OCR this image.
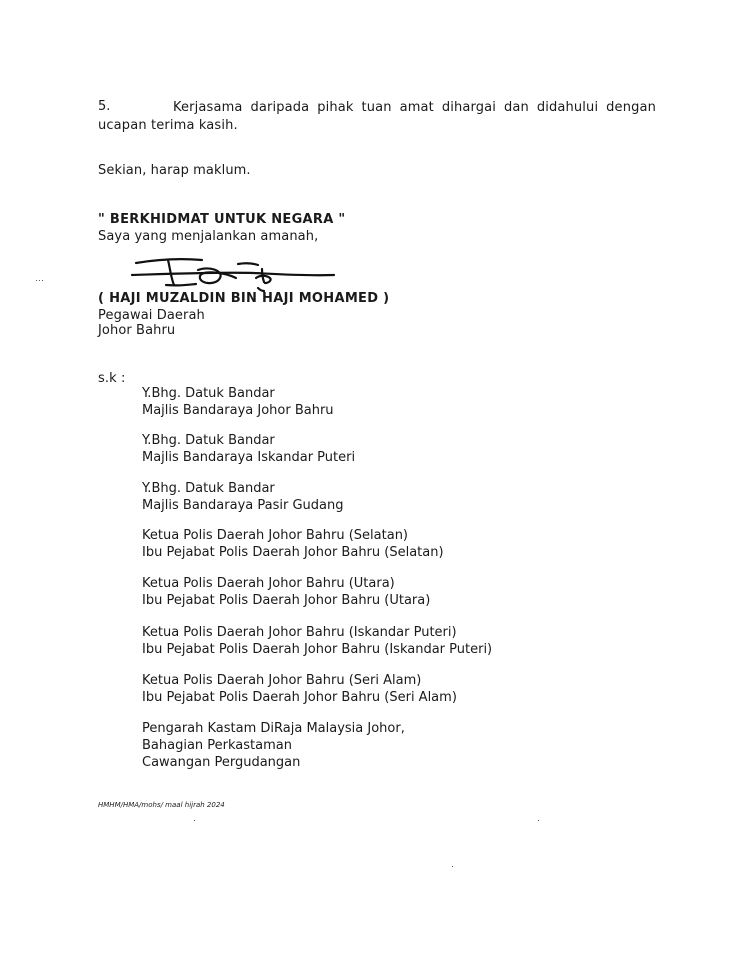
Kerjasama daripada pihak tuan amat dihargai dan didahului dengan ucapan terima kasih.
5.
Sekian, harap maklum.
" BERKHIDMAT UNTUK NEGARA "
Saya yang menjalankan amanah,
( HAJI MUZALDIN BIN HAJI MOHAMED )
Pegawai Daerah
Johor Bahru
s.k :
Y.Bhg. Datuk Bandar
Majlis Bandaraya Johor Bahru
Y.Bhg. Datuk Bandar
Majlis Bandaraya Iskandar Puteri
Y.Bhg. Datuk Bandar
Majlis Bandaraya Pasir Gudang
Ketua Polis Daerah Johor Bahru (Selatan)
Ibu Pejabat Polis Daerah Johor Bahru (Selatan)
Ketua Polis Daerah Johor Bahru (Utara)
Ibu Pejabat Polis Daerah Johor Bahru (Utara)
Ketua Polis Daerah Johor Bahru (Iskandar Puteri)
Ibu Pejabat Polis Daerah Johor Bahru (Iskandar Puteri)
Ketua Polis Daerah Johor Bahru (Seri Alam)
Ibu Pejabat Polis Daerah Johor Bahru (Seri Alam)
Pengarah Kastam DiRaja Malaysia Johor,
Bahagian Perkastaman
Cawangan Pergudangan
HMHM/HMA/mohs/ maal hijrah 2024
